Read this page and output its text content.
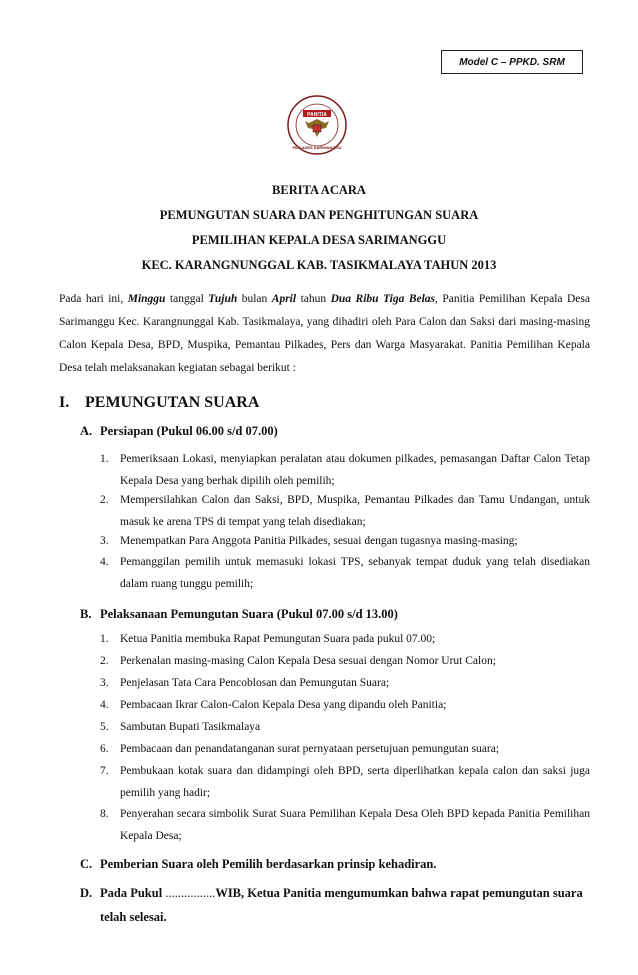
Model C – PPKD. SRM
PANITIA
PILKADES SARIMANGGU
BERITA ACARA
PEMUNGUTAN SUARA DAN PENGHITUNGAN SUARA
PEMILIHAN KEPALA DESA SARIMANGGU
KEC. KARANGNUNGGAL KAB. TASIKMALAYA TAHUN 2013
Pada hari ini, Minggu tanggal Tujuh bulan April tahun Dua Ribu Tiga Belas, Panitia Pemilihan Kepala Desa Sarimanggu Kec. Karangnunggal Kab. Tasikmalaya, yang dihadiri oleh Para Calon dan Saksi dari masing-masing Calon Kepala Desa, BPD, Muspika, Pemantau Pilkades, Pers dan Warga Masyarakat. Panitia Pemilihan Kepala Desa telah melaksanakan kegiatan sebagai berikut :
I. PEMUNGUTAN SUARA
A. Persiapan (Pukul 06.00 s/d 07.00)
1. Pemeriksaan Lokasi, menyiapkan peralatan atau dokumen pilkades, pemasangan Daftar Calon Tetap Kepala Desa yang berhak dipilih oleh pemilih;
2. Mempersilahkan Calon dan Saksi, BPD, Muspika, Pemantau Pilkades dan Tamu Undangan, untuk masuk ke arena TPS di tempat yang telah disediakan;
3. Menempatkan Para Anggota Panitia Pilkades, sesuai dengan tugasnya masing-masing;
4. Pemanggilan pemilih untuk memasuki lokasi TPS, sebanyak tempat duduk yang telah disediakan dalam ruang tunggu pemilih;
B. Pelaksanaan Pemungutan Suara (Pukul 07.00 s/d 13.00)
1. Ketua Panitia membuka Rapat Pemungutan Suara pada pukul 07.00;
2. Perkenalan masing-masing Calon Kepala Desa sesuai dengan Nomor Urut Calon;
3. Penjelasan Tata Cara Pencoblosan dan Pemungutan Suara;
4. Pembacaan Ikrar Calon-Calon Kepala Desa yang dipandu oleh Panitia;
5. Sambutan Bupati Tasikmalaya
6. Pembacaan dan penandatanganan surat pernyataan persetujuan pemungutan suara;
7. Pembukaan kotak suara dan didampingi oleh BPD, serta diperlihatkan kepala calon dan saksi juga pemilih yang hadir;
8. Penyerahan secara simbolik Surat Suara Pemilihan Kepala Desa Oleh BPD kepada Panitia Pemilihan Kepala Desa;
C. Pemberian Suara oleh Pemilih berdasarkan prinsip kehadiran.
D. Pada Pukul ................WIB, Ketua Panitia mengumumkan bahwa rapat pemungutan suara telah selesai.
